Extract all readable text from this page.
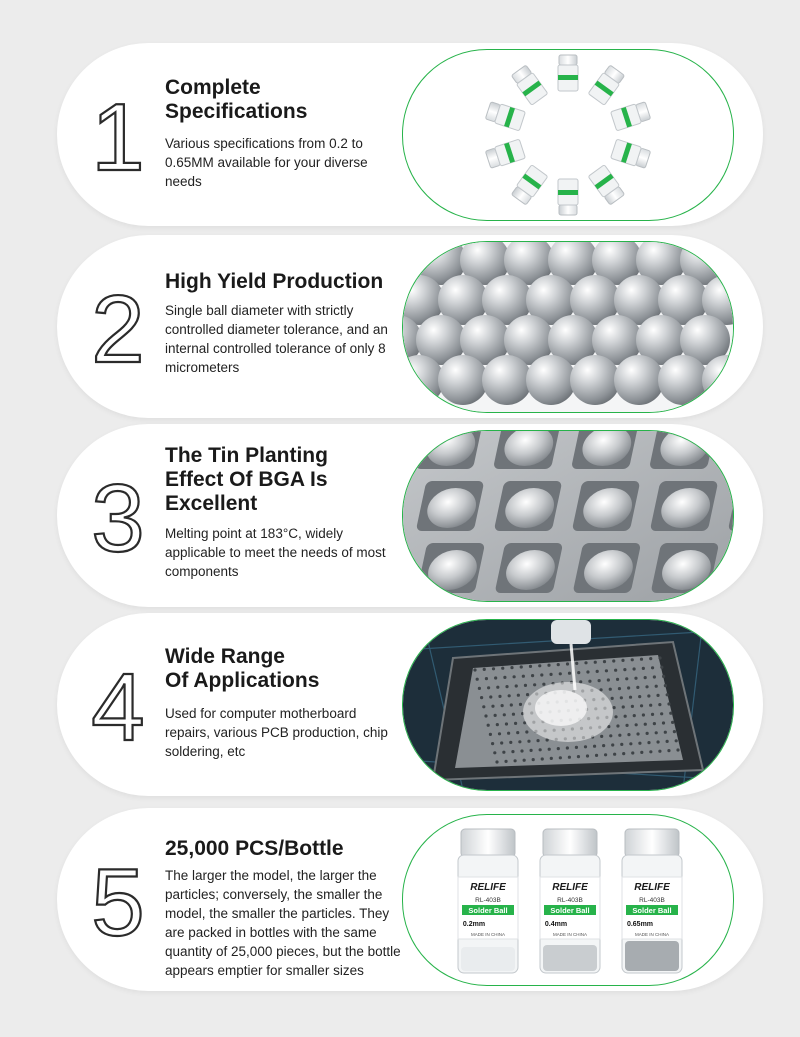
1 Complete
Specifications

Various specifications from 0.2 to 0.65MM available for your diverse needs

2 High Yield Production

Single ball diameter with strictly controlled diameter tolerance, and an internal controlled tolerance of only 8 micrometers

3
The Tin Planting
Effect Of BGA Is
Excellent

Melting point at 183°C, widely applicable to meet the needs of most components

4 Wide Range
Of Applications

Used for computer motherboard repairs, various PCB production, chip soldering, etc

5
25,000 PCS/Bottle

The larger the model, the larger the particles; conversely, the smaller the model, the smaller the particles. They are packed in bottles with the same quantity of 25,000 pieces, but the bottle appears emptier for smaller sizes

RELIFE
RL-403B
Solder Ball
0.2mm
MADE IN CHINA
RELIFE
RL-403B
Solder Ball
0.4mm
MADE IN CHINA
RELIFE
RL-403B
Solder Ball
0.65mm
MADE IN CHINA
